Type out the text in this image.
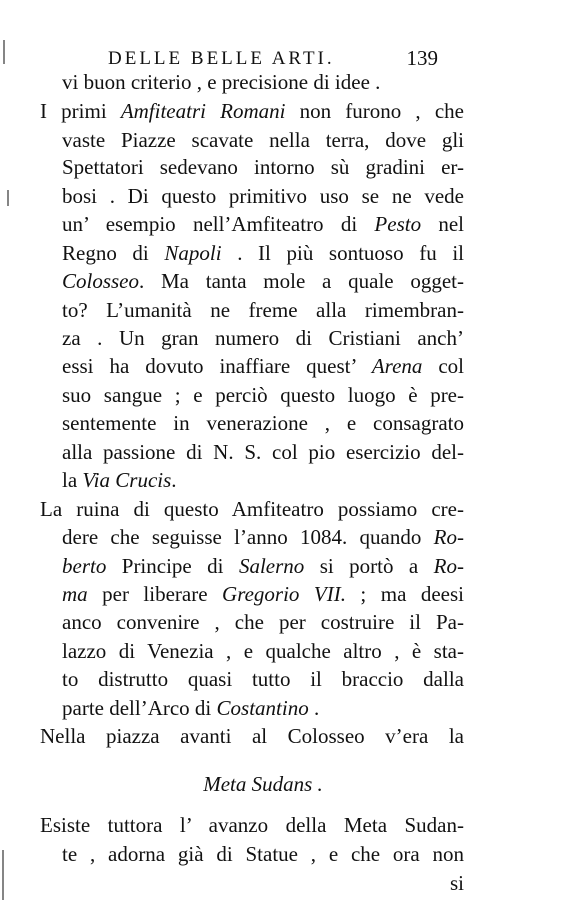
DELLE BELLE ARTI.	139
vi buon criterio , e precisione di idee .
I primi Amfiteatri Romani non furono , che
vaste Piazze scavate nella terra, dove gli
Spettatori sedevano intorno sù gradini er-
bosi . Di questo primitivo uso se ne vede
un’ esempio nell’Amfiteatro di Pesto nel
Regno di Napoli . Il più sontuoso fu il
Colosseo. Ma tanta mole a quale ogget-
to? L’umanità ne freme alla rimembran-
za . Un gran numero di Cristiani anch’
essi ha dovuto inaffiare quest’ Arena col
suo sangue ; e perciò questo luogo è pre-
sentemente in venerazione , e consagrato
alla passione di N. S. col pio esercizio del-
la Via Crucis.
La ruina di questo Amfiteatro possiamo cre-
dere che seguisse l’anno 1084. quando Ro-
berto Principe di Salerno si portò a Ro-
ma per liberare Gregorio VII. ; ma deesi
anco convenire , che per costruire il Pa-
lazzo di Venezia , e qualche altro , è sta-
to distrutto quasi tutto il braccio dalla
parte dell’Arco di Costantino .
Nella piazza avanti al Colosseo v’era la
Meta Sudans .
Esiste tuttora l’ avanzo della Meta Sudan-
te , adorna già di Statue , e che ora non
si
